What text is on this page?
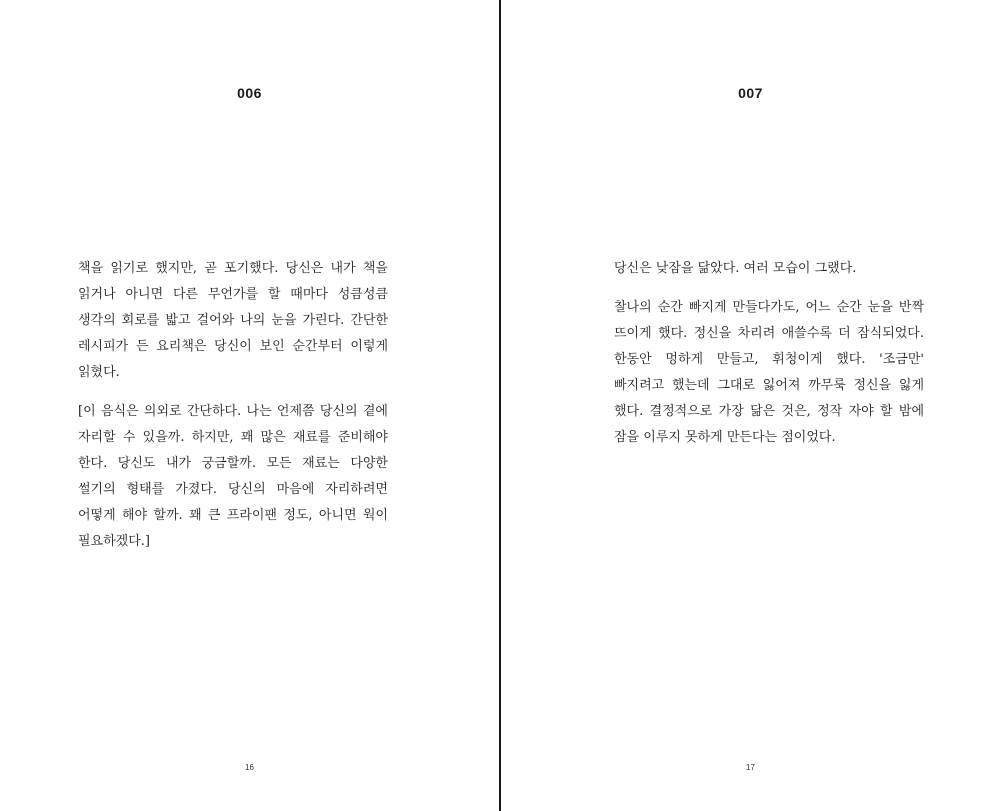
006

책을 읽기로 했지만, 곧 포기했다. 당신은 내가 책을 읽거나 아니면 다른 무언가를 할 때마다 성큼성큼 생각의 회로를 밟고 걸어와 나의 눈을 가린다. 간단한 레시피가 든 요리책은 당신이 보인 순간부터 이렇게 읽혔다.

[이 음식은 의외로 간단하다. 나는 언제쯤 당신의 곁에 자리할 수 있을까. 하지만, 꽤 많은 재료를 준비해야 한다. 당신도 내가 궁금할까. 모든 재료는 다양한 썰기의 형태를 가졌다. 당신의 마음에 자리하려면 어떻게 해야 할까. 꽤 큰 프라이팬 정도, 아니면 웍이 필요하겠다.]

16
007

당신은 낮잠을 닮았다. 여러 모습이 그랬다.

찰나의 순간 빠지게 만들다가도, 어느 순간 눈을 반짝 뜨이게 했다. 정신을 차리려 애쓸수록 더 잠식되었다. 한동안 멍하게 만들고, 휘청이게 했다. '조금만' 빠지려고 했는데 그대로 잃어져 까무룩 정신을 잃게 했다. 결정적으로 가장 닮은 것은, 정작 자야 할 밤에 잠을 이루지 못하게 만든다는 점이었다.

17
